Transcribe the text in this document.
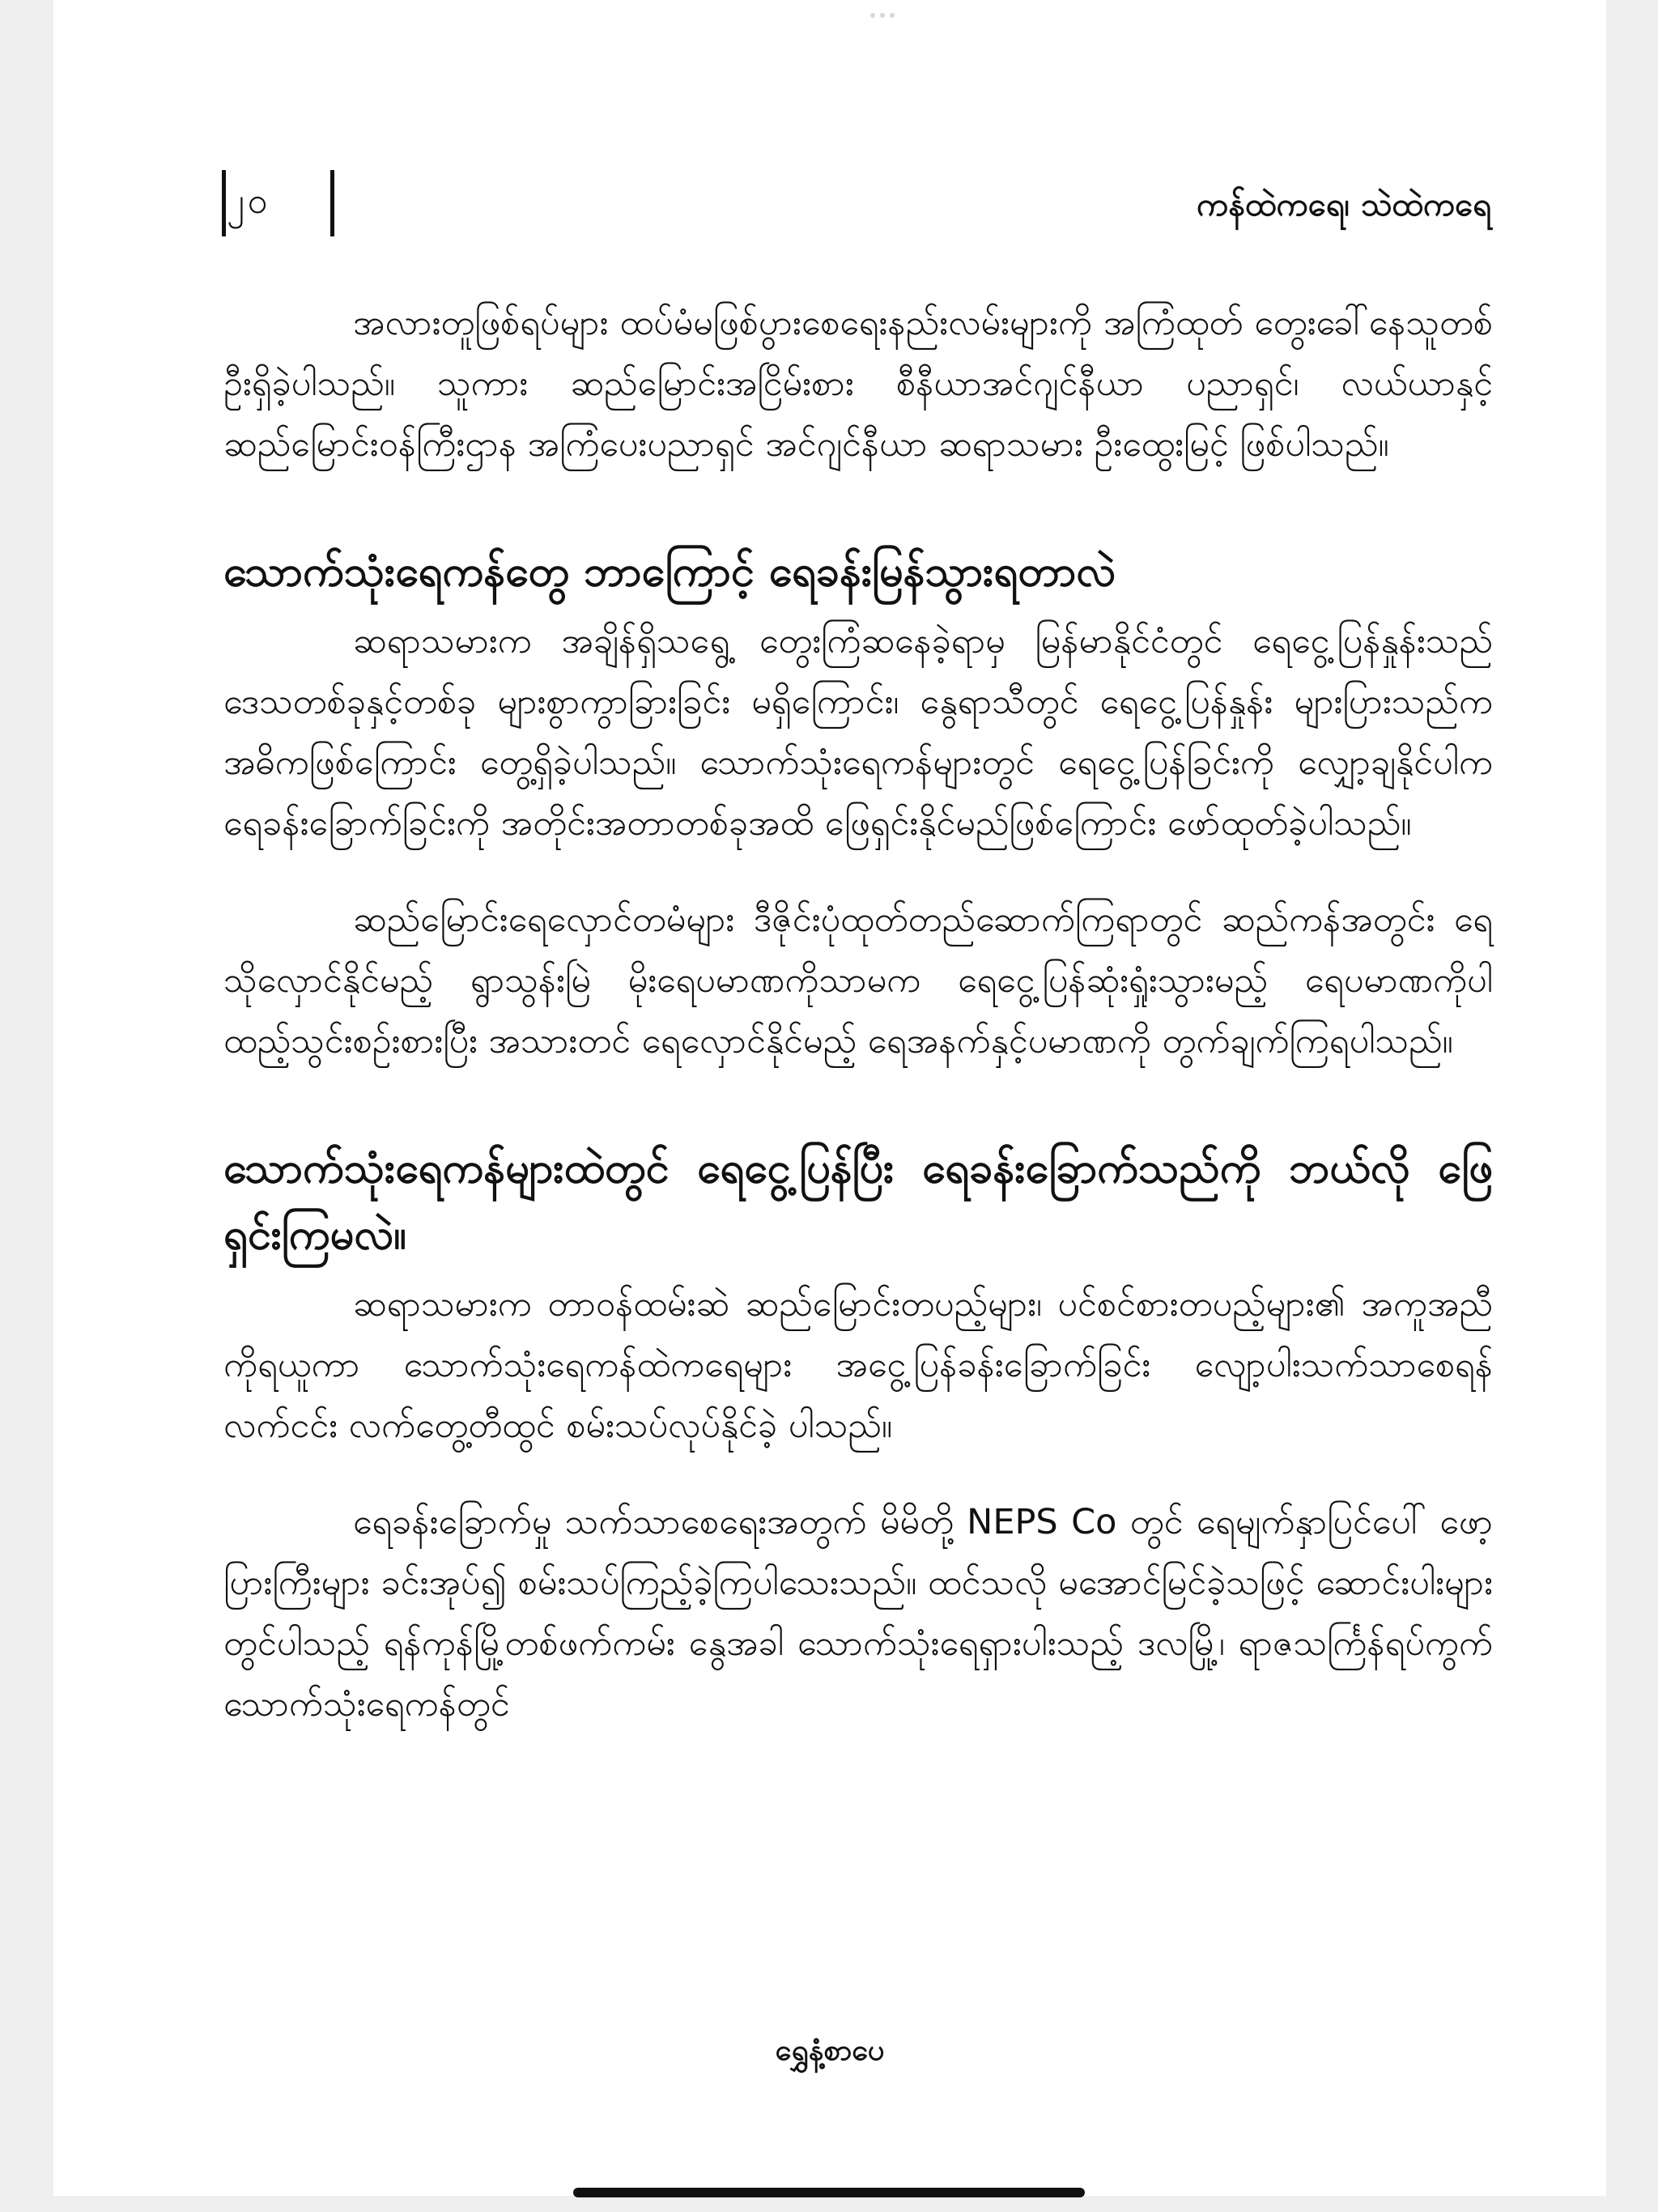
၂၀	ကန်ထဲကရေ၊ သဲထဲကရေ

အလားတူဖြစ်ရပ်များ ထပ်မံမဖြစ်ပွားစေရေးနည်းလမ်းများကို အကြံထုတ် တွေးခေါ်နေသူတစ်ဦးရှိခဲ့ပါသည်။ သူကား ဆည်မြောင်းအငြိမ်းစား စီနီယာအင်ဂျင်နီယာ ပညာရှင်၊ လယ်ယာနှင့် ဆည်မြောင်းဝန်ကြီးဌာန အကြံပေးပညာရှင် အင်ဂျင်နီယာ ဆရာသမား ဦးထွေးမြင့် ဖြစ်ပါသည်။

သောက်သုံးရေကန်တွေ ဘာကြောင့် ရေခန်းမြန်သွားရတာလဲ

ဆရာသမားက အချိန်ရှိသရွေ့ တွေးကြံဆနေခဲ့ရာမှ မြန်မာနိုင်ငံတွင် ရေငွေ့ပြန်နှုန်းသည် ဒေသတစ်ခုနှင့်တစ်ခု များစွာကွာခြားခြင်း မရှိကြောင်း၊ နွေရာသီတွင် ရေငွေ့ပြန်နှုန်း များပြားသည်က အဓိကဖြစ်ကြောင်း တွေ့ရှိခဲ့ပါသည်။ သောက်သုံးရေကန်များတွင် ရေငွေ့ပြန်ခြင်းကို လျှော့ချနိုင်ပါက ရေခန်းခြောက်ခြင်းကို အတိုင်းအတာတစ်ခုအထိ ဖြေရှင်းနိုင်မည်ဖြစ်ကြောင်း ဖော်ထုတ်ခဲ့ပါသည်။

ဆည်မြောင်းရေလှောင်တမံများ ဒီဇိုင်းပုံထုတ်တည်ဆောက်ကြရာတွင် ဆည်ကန်အတွင်း ရေသိုလှောင်နိုင်မည့် ရွာသွန်းမြဲ မိုးရေပမာဏကိုသာမက ရေငွေ့ပြန်ဆုံးရှုံးသွားမည့် ရေပမာဏကိုပါ ထည့်သွင်းစဉ်းစားပြီး အသားတင် ရေလှောင်နိုင်မည့် ရေအနက်နှင့်ပမာဏကို တွက်ချက်ကြရပါသည်။

သောက်သုံးရေကန်များထဲတွင် ရေငွေ့ပြန်ပြီး ရေခန်းခြောက်သည်ကို ဘယ်လို ဖြေရှင်းကြမလဲ။

ဆရာသမားက တာဝန်ထမ်းဆဲ ဆည်မြောင်းတပည့်များ၊ ပင်စင်စားတပည့်များ၏ အကူအညီကိုရယူကာ သောက်သုံးရေကန်ထဲကရေများ အငွေ့ပြန်ခန်းခြောက်ခြင်း လျော့ပါးသက်သာစေရန် လက်ငင်း လက်တွေ့တီထွင် စမ်းသပ်လုပ်နိုင်ခဲ့ ပါသည်။

ရေခန်းခြောက်မှု သက်သာစေရေးအတွက် မိမိတို့ NEPS Co တွင် ရေမျက်နှာပြင်ပေါ် ဖော့ပြားကြီးများ ခင်းအုပ်၍ စမ်းသပ်ကြည့်ခဲ့ကြပါသေးသည်။ ထင်သလို မအောင်မြင်ခဲ့သဖြင့် ဆောင်းပါးများတွင်ပါသည့် ရန်ကုန်မြို့တစ်ဖက်ကမ်း နွေအခါ သောက်သုံးရေရှားပါးသည့် ဒလမြို့၊ ရာဇသင်္ကြန်ရပ်ကွက် သောက်သုံးရေကန်တွင်

ရွှေနံ့စာပေ
